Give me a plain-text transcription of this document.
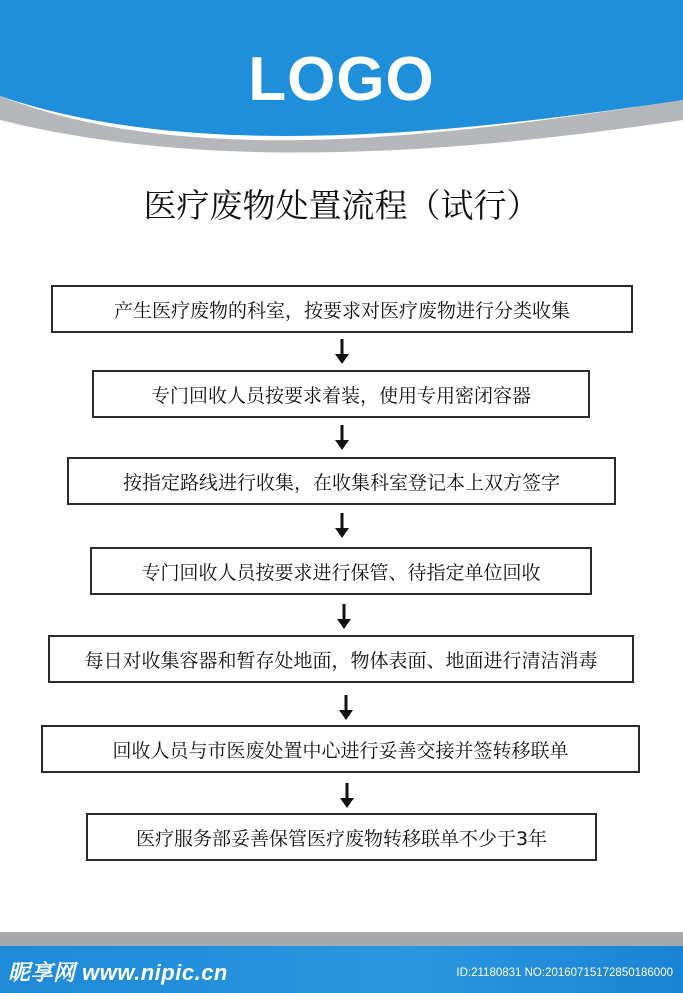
LOGO
医疗废物处置流程（试行）
产生医疗废物的科室，按要求对医疗废物进行分类收集
专门回收人员按要求着装，使用专用密闭容器
按指定路线进行收集，在收集科室登记本上双方签字
专门回收人员按要求进行保管、待指定单位回收
每日对收集容器和暂存处地面，物体表面、地面进行清洁消毒
回收人员与市医废处置中心进行妥善交接并签转移联单
医疗服务部妥善保管医疗废物转移联单不少于3年
昵享网 www.nipic.cn	ID:21180831 NO:20160715172850186000
